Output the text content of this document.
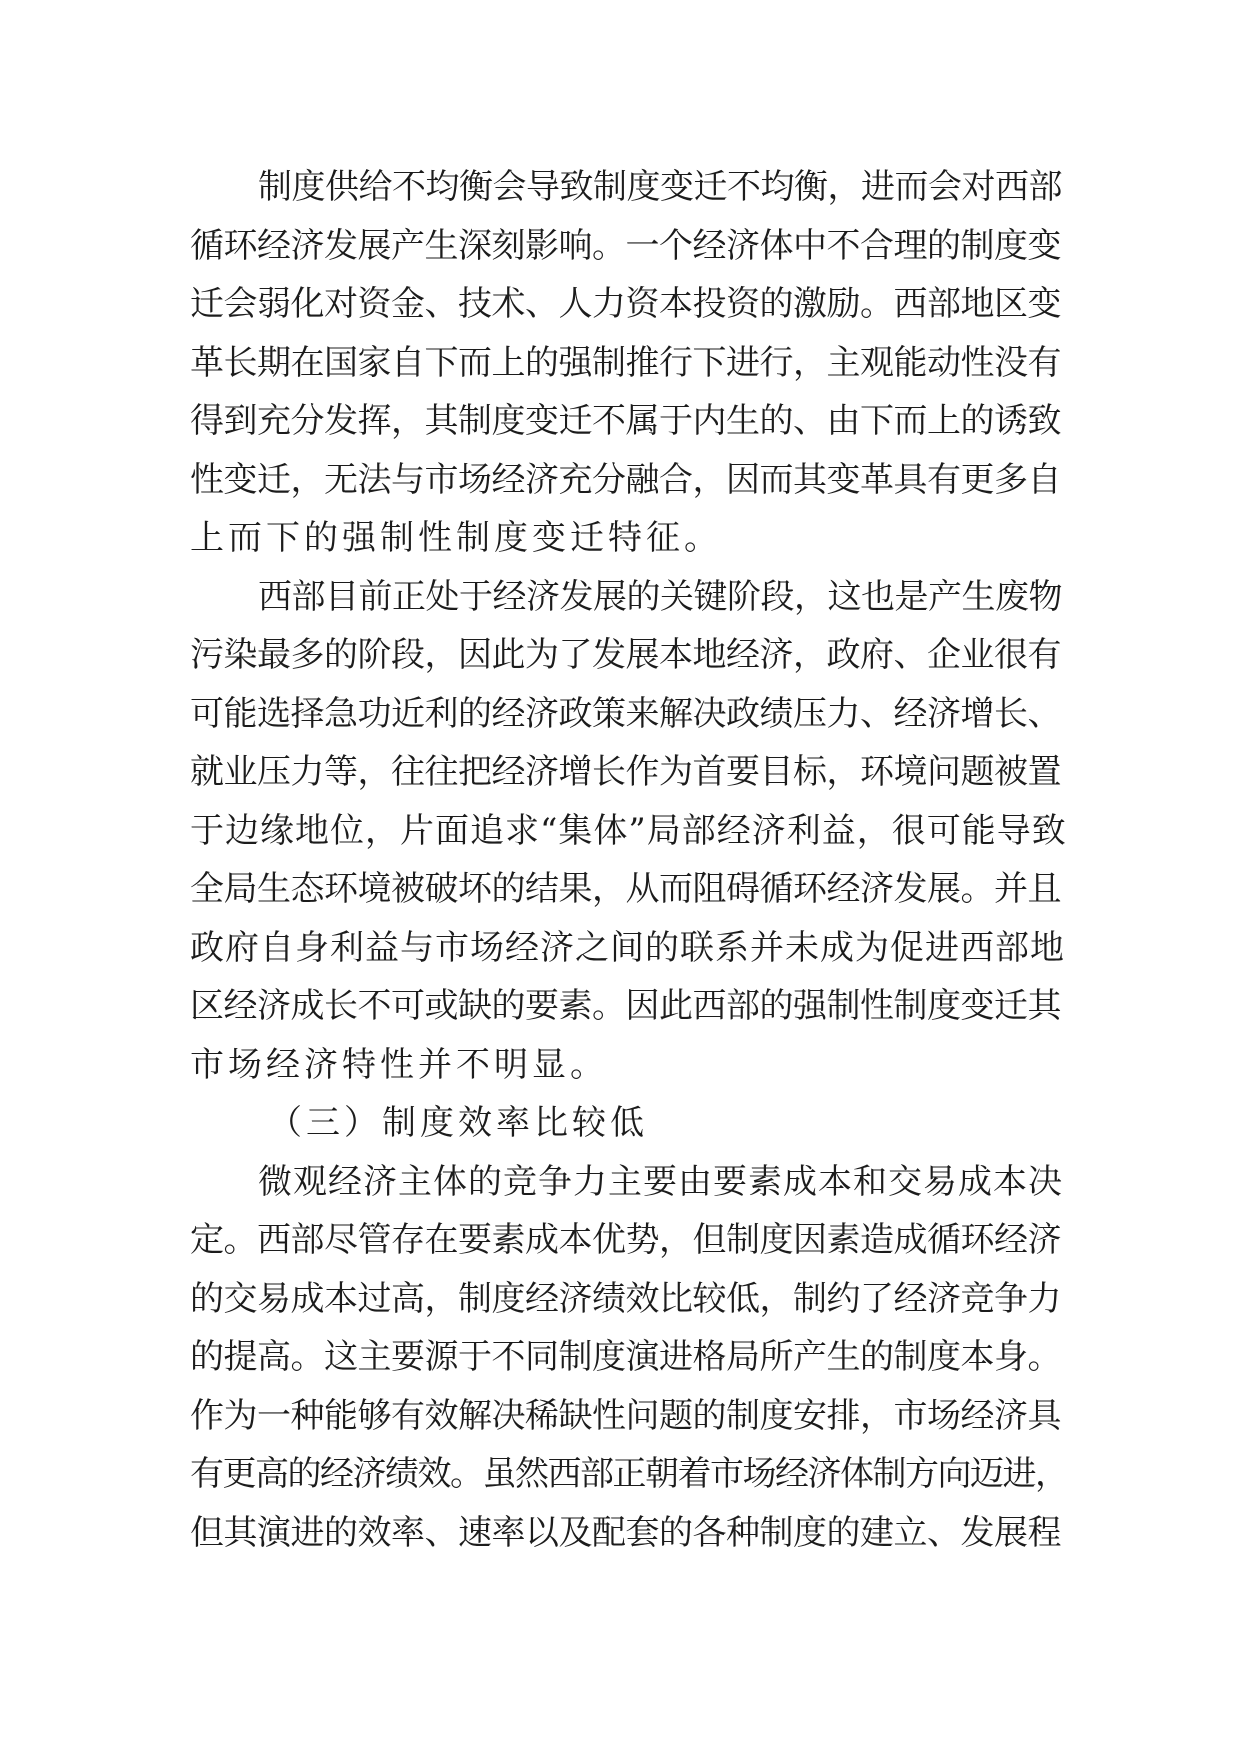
制度供给不均衡会导致制度变迁不均衡，进而会对西部
循环经济发展产生深刻影响。一个经济体中不合理的制度变
迁会弱化对资金、技术、人力资本投资的激励。西部地区变
革长期在国家自下而上的强制推行下进行，主观能动性没有
得到充分发挥，其制度变迁不属于内生的、由下而上的诱致
性变迁，无法与市场经济充分融合，因而其变革具有更多自
上而下的强制性制度变迁特征。
西部目前正处于经济发展的关键阶段，这也是产生废物
污染最多的阶段，因此为了发展本地经济，政府、企业很有
可能选择急功近利的经济政策来解决政绩压力、经济增长、
就业压力等，往往把经济增长作为首要目标，环境问题被置
于边缘地位，片面追求“集体”局部经济利益，很可能导致
全局生态环境被破坏的结果，从而阻碍循环经济发展。并且
政府自身利益与市场经济之间的联系并未成为促进西部地
区经济成长不可或缺的要素。因此西部的强制性制度变迁其
市场经济特性并不明显。
（三）制度效率比较低
微观经济主体的竞争力主要由要素成本和交易成本决
定。西部尽管存在要素成本优势，但制度因素造成循环经济
的交易成本过高，制度经济绩效比较低，制约了经济竞争力
的提高。这主要源于不同制度演进格局所产生的制度本身。
作为一种能够有效解决稀缺性问题的制度安排，市场经济具
有更高的经济绩效。虽然西部正朝着市场经济体制方向迈进，
但其演进的效率、速率以及配套的各种制度的建立、发展程
